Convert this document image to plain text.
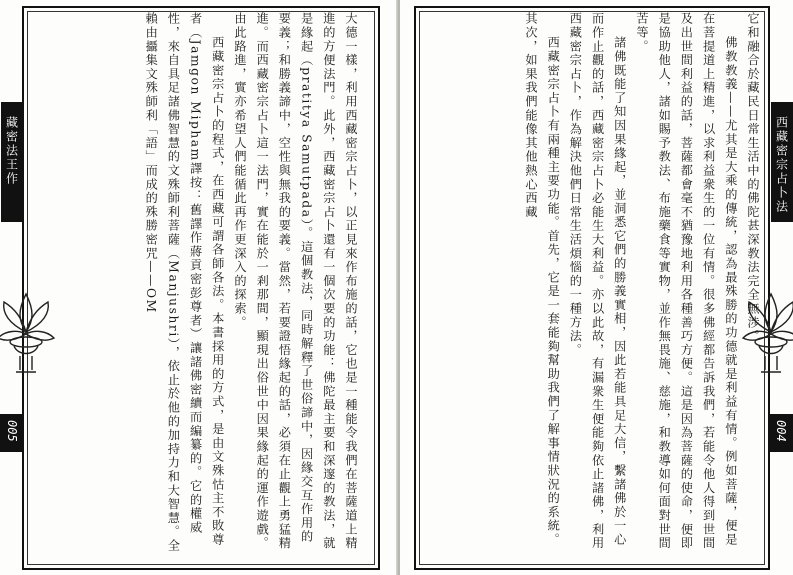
藏密法王作
005	大德一樣，利用西藏密宗占卜，以正見來作布施的話，它也是一種能令我們在菩薩道上精進的方便法門。此外，西藏密宗占卜還有一個次要的功能：佛陀最主要和深邃的教法，就是緣起（pratitya Samutpada）。這個教法，同時解釋了世俗諦中，因緣交互作用的要義；和勝義諦中，空性與無我的要義。當然，若要證悟緣起的話，必須在止觀上勇猛精進。而西藏密宗占卜這一法門，實在能於一剎那間，顯現出俗世中因果緣起的運作遊戲。由此路進，實亦希望人們能循此再作更深入的探索。

西藏密宗占卜的程式，在西藏可謂各師各法。本書採用的方式，是由文殊怙主不敗尊者（Jamgon Mipham譯按：舊譯作蔣貢密彭尊者）讓諸佛密續而編纂的。它的權威性，來自具足諸佛智慧的文殊師利菩薩（Manjushri），依止於他的加持力和大智慧。全賴由攝集文殊師利「語」而成的殊勝密咒——OM	西藏密宗占卜法
004

它和融合於藏民日常生活中的佛陀甚深教法完全無涉。

佛教教義——尤其是大乘的傳統，認為最殊勝的功德就是利益有情。例如菩薩，便是在菩提道上精進，以求利益衆生的一位有情。很多佛經都告訴我們，若能令他人得到世間及出世間利益的話，菩薩都會毫不猶豫地利用各種善巧方便。這是因為菩薩的使命，便即是協助他人，諸如賜予教法、布施藥食等實物，並作無畏施、慈施，和教導如何面對世間苦等。

諸佛既能了知因果緣起，並洞悉它們的勝義實相，因此若能具足大信，繫諸佛於一心而作止觀的話，西藏密宗占卜必能生大利益。亦以此故，有漏衆生便能夠依止諸佛，利用西藏密宗占卜，作為解決他們日常生活煩惱的一種方法。

西藏密宗占卜有兩種主要功能。首先，它是一套能夠幫助我們了解事情狀況的系統。其次，如果我們能像其他熱心西藏
